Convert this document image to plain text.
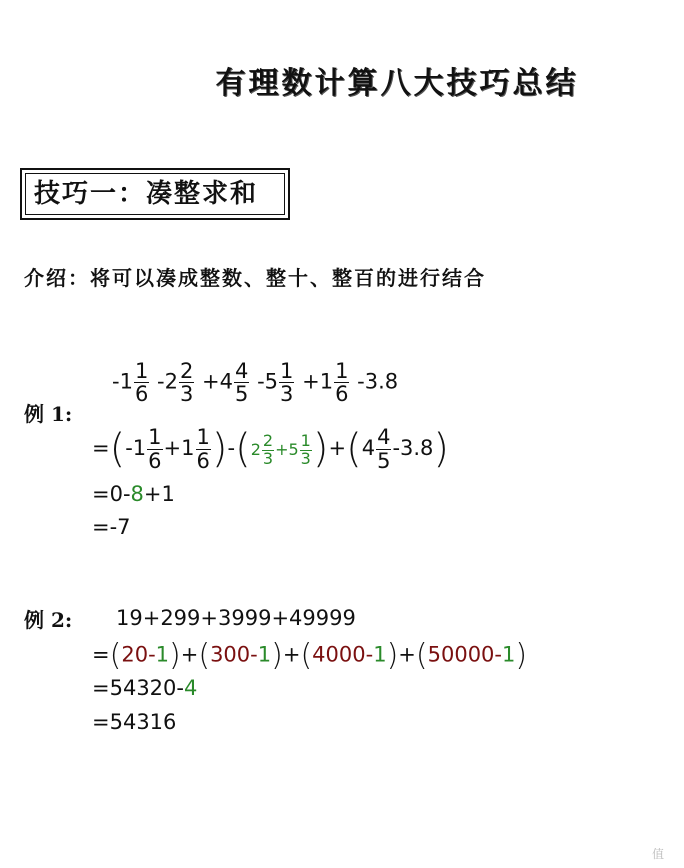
有理数计算八大技巧总结
技巧一：凑整求和
介绍：将可以凑成整数、整十、整百的进行结合
例 1:
$-1 \frac{1}{6} -2 \frac{2}{3} +4 \frac{4}{5} -5 \frac{1}{3} +1 \frac{1}{6} -3.8$
$=(-1 \frac{1}{6} +1 \frac{1}{6} )-(2 \frac{2}{3} +5 \frac{1}{3} )+(4 \frac{4}{5} -3.8)$
=0-8+1
=-7
例 2: 19+299+3999+49999
=(20-1)+(300-1)+(4000-1)+(50000-1)
=54320-4
=54316
值
